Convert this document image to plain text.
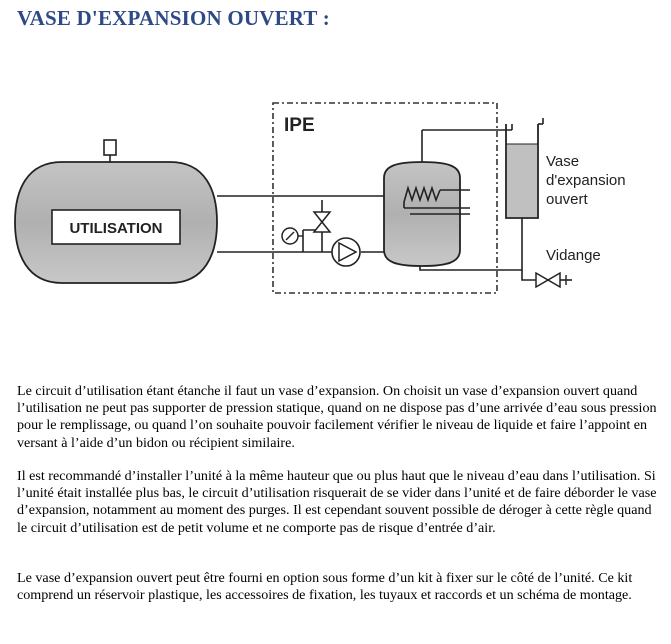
VASE D'EXPANSION OUVERT :
IPE
UTILISATION
Vase
d'expansion
ouvert
Vidange

Le circuit d’utilisation étant étanche il faut un vase d’expansion. On choisit un vase d’expansion ouvert quand l’utilisation ne peut pas supporter de pression statique, quand on ne dispose pas d’une arrivée d’eau sous pression pour le remplissage, ou quand l’on souhaite pouvoir facilement vérifier le niveau de liquide et faire l’appoint en versant à l’aide d’un bidon ou récipient similaire.

Il est recommandé d’installer l’unité à la même hauteur que ou plus haut que le niveau d’eau dans l’utilisation. Si l’unité était installée plus bas, le circuit d’utilisation risquerait de se vider dans l’unité et de faire déborder le vase d’expansion, notamment au moment des purges. Il est cependant souvent possible de déroger à cette règle quand le circuit d’utilisation est de petit volume et ne comporte pas de risque d’entrée d’air.

Le vase d’expansion ouvert peut être fourni en option sous forme d’un kit à fixer sur le côté de l’unité. Ce kit comprend un réservoir plastique, les accessoires de fixation, les tuyaux et raccords et un schéma de montage.
